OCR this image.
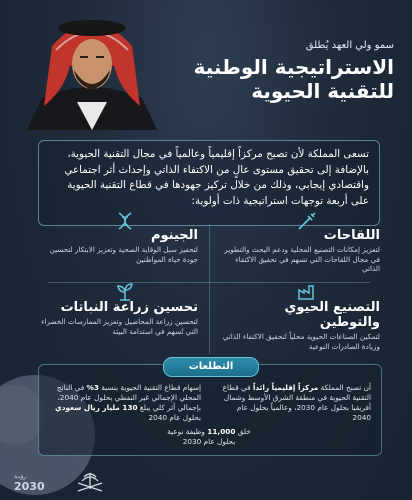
سمو ولي العهد يُطلق

الاستراتيجية الوطنية

للتقنية الحيوية

تسعى المملكة لأن تصبح مركزاً إقليمياً وعالمياً في مجال التقنية الحيوية، بالإضافة إلى تحقيق مستوى عالٍ من الاكتفاء الذاتي وإحداث أثر اجتماعي واقتصادي إيجابي، وذلك من خلال تركيز جهودها في قطاع التقنية الحيوية على أربعة توجهات استراتيجية ذات أولوية:
اللقاحات

لتعزيز إمكانات التصنيع المحلية ودعم البحث والتطوير في مجال اللقاحات التي تسهم في تحقيق الاكتفاء الذاتي

الجينوم

لتحفيز سبل الوقاية الصحية وتعزيز الابتكار لتحسين جودة حياة المواطنين

التصنيع الحيوي والتوطين

لتمكين الصناعات الحيوية محلياً لتحقيق الاكتفاء الذاتي وزيادة الصادرات النوعية

تحسين زراعة النباتات

لتحسين زراعة المحاصيل وتعزيز الممارسات الخضراء التي تُسهم في استدامة البيئة

التطلعات
أن تصبح المملكة مركزاً إقليمياً رائداً في قطاع التقنية الحيوية في منطقة الشرق الأوسط وشمال أفريقيا بحلول عام 2030، وعالمياً بحلول عام 2040
إسهام قطاع التقنية الحيوية بنسبة 3% في الناتج المحلي الإجمالي غير النفطي بحلول عام 2040، بإجمالي أثر كلي يبلغ 130 مليار ريال سعودي بحلول عام 2040
خلق 11,000 وظيفة نوعية بحلول عام 2030
رؤيـة
2030
